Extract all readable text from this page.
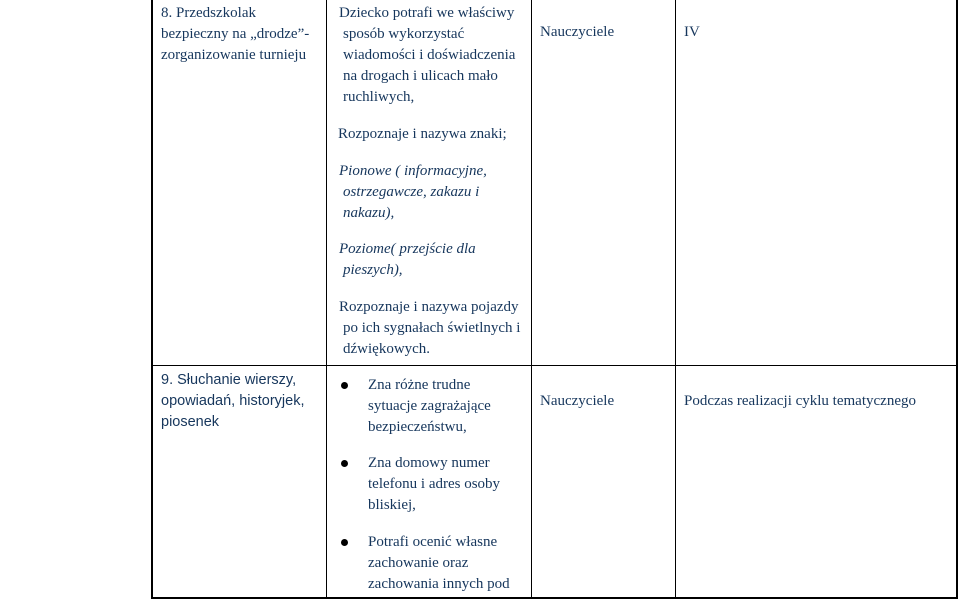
8. Przedszkolak bezpieczny na „drodze”- zorganizowanie turnieju
Dziecko potrafi we właściwy sposób wykorzystać wiadomości i doświadczenia na drogach i ulicach mało ruchliwych,
Rozpoznaje i nazywa znaki;
Pionowe ( informacyjne, ostrzegawcze, zakazu i nakazu),
Poziome( przejście dla pieszych),
Rozpoznaje i nazywa pojazdy po ich sygnałach świetlnych i dźwiękowych.
Nauczyciele	IV
9. Słuchanie wierszy, opowiadań, historyjek, piosenek
Zna różne trudne sytuacje zagrażające bezpieczeństwu,
Zna domowy numer telefonu i adres osoby bliskiej,
Potrafi ocenić własne zachowanie oraz zachowania innych pod
Nauczyciele	Podczas realizacji cyklu tematycznego
